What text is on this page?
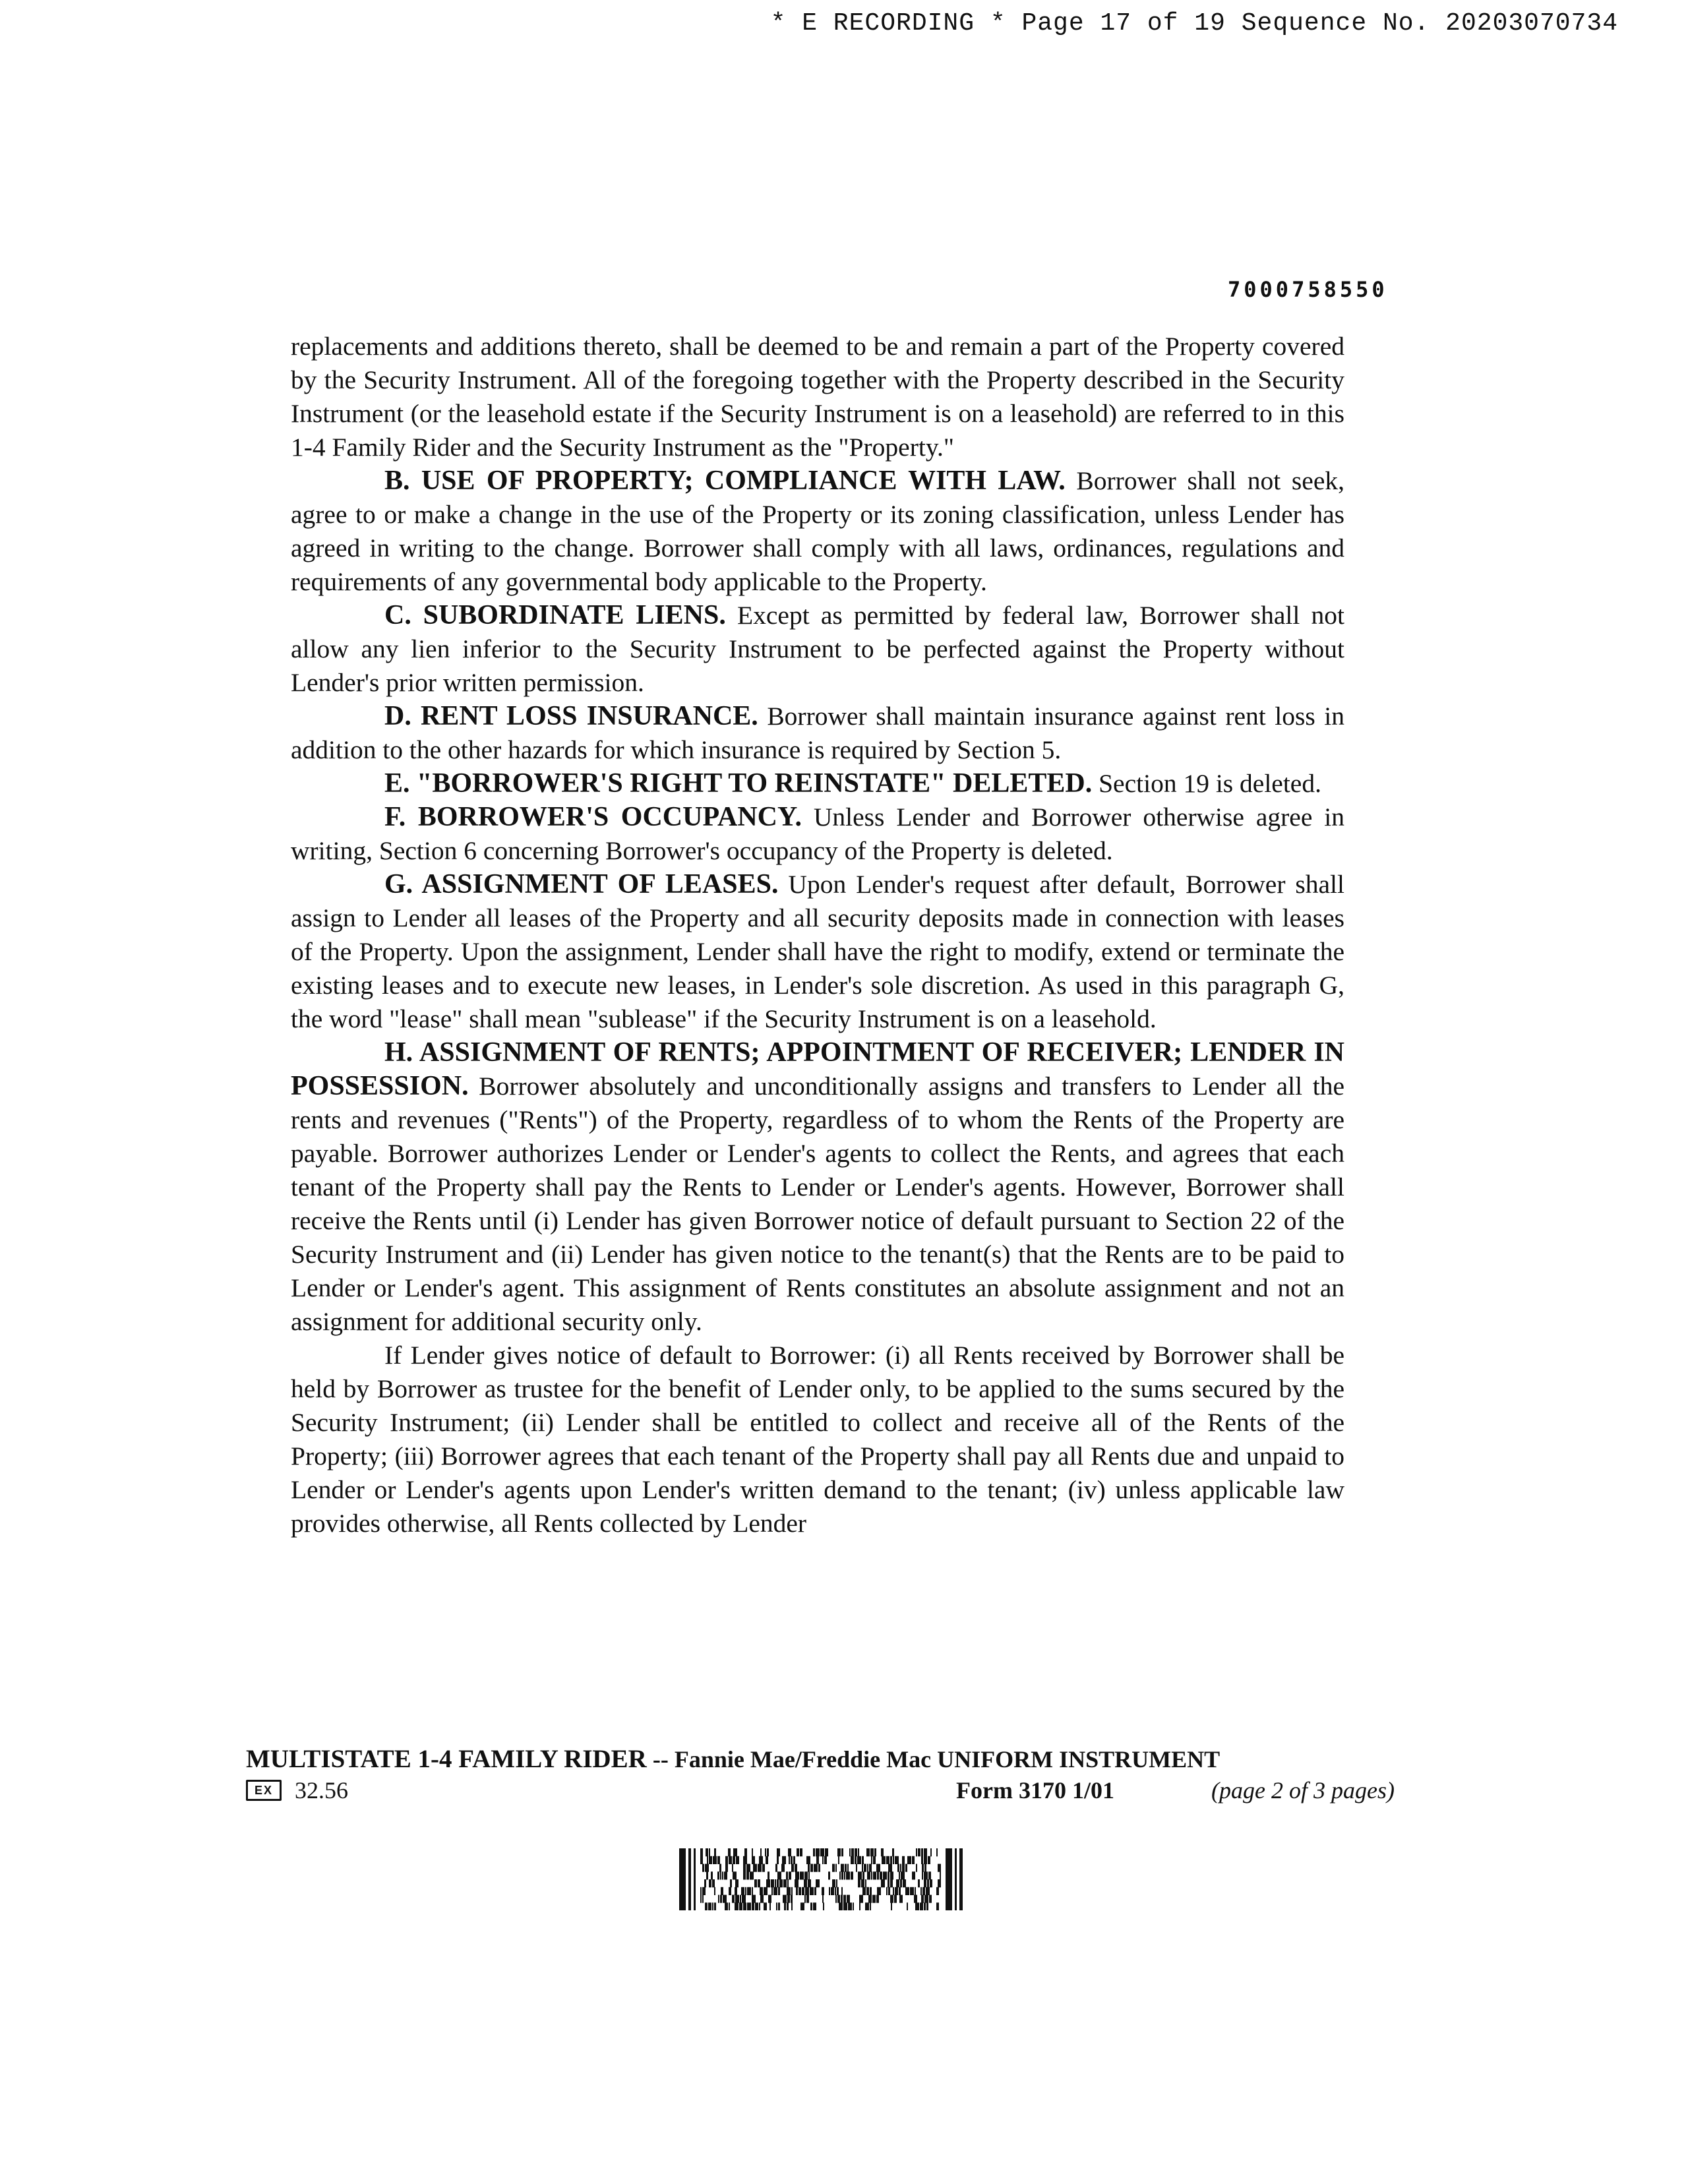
* E RECORDING * Page 17 of 19 Sequence No. 20203070734
7000758550

replacements and additions thereto, shall be deemed to be and remain a part of the Property covered by the Security Instrument. All of the foregoing together with the Property described in the Security Instrument (or the leasehold estate if the Security Instrument is on a leasehold) are referred to in this 1-4 Family Rider and the Security Instrument as the "Property."

B. USE OF PROPERTY; COMPLIANCE WITH LAW. Borrower shall not seek, agree to or make a change in the use of the Property or its zoning classification, unless Lender has agreed in writing to the change. Borrower shall comply with all laws, ordinances, regulations and requirements of any governmental body applicable to the Property.

C. SUBORDINATE LIENS. Except as permitted by federal law, Borrower shall not allow any lien inferior to the Security Instrument to be perfected against the Property without Lender's prior written permission.

D. RENT LOSS INSURANCE. Borrower shall maintain insurance against rent loss in addition to the other hazards for which insurance is required by Section 5.

E. "BORROWER'S RIGHT TO REINSTATE" DELETED. Section 19 is deleted.

F. BORROWER'S OCCUPANCY. Unless Lender and Borrower otherwise agree in writing, Section 6 concerning Borrower's occupancy of the Property is deleted.

G. ASSIGNMENT OF LEASES. Upon Lender's request after default, Borrower shall assign to Lender all leases of the Property and all security deposits made in connection with leases of the Property. Upon the assignment, Lender shall have the right to modify, extend or terminate the existing leases and to execute new leases, in Lender's sole discretion. As used in this paragraph G, the word "lease" shall mean "sublease" if the Security Instrument is on a leasehold.

H. ASSIGNMENT OF RENTS; APPOINTMENT OF RECEIVER; LENDER IN POSSESSION. Borrower absolutely and unconditionally assigns and transfers to Lender all the rents and revenues ("Rents") of the Property, regardless of to whom the Rents of the Property are payable. Borrower authorizes Lender or Lender's agents to collect the Rents, and agrees that each tenant of the Property shall pay the Rents to Lender or Lender's agents. However, Borrower shall receive the Rents until (i) Lender has given Borrower notice of default pursuant to Section 22 of the Security Instrument and (ii) Lender has given notice to the tenant(s) that the Rents are to be paid to Lender or Lender's agent. This assignment of Rents constitutes an absolute assignment and not an assignment for additional security only.

If Lender gives notice of default to Borrower: (i) all Rents received by Borrower shall be held by Borrower as trustee for the benefit of Lender only, to be applied to the sums secured by the Security Instrument; (ii) Lender shall be entitled to collect and receive all of the Rents of the Property; (iii) Borrower agrees that each tenant of the Property shall pay all Rents due and unpaid to Lender or Lender's agents upon Lender's written demand to the tenant; (iv) unless applicable law provides otherwise, all Rents collected by Lender

MULTISTATE 1-4 FAMILY RIDER -- Fannie Mae/Freddie Mac UNIFORM INSTRUMENT
EX 32.56	Form 3170 1/01	(page 2 of 3 pages)
